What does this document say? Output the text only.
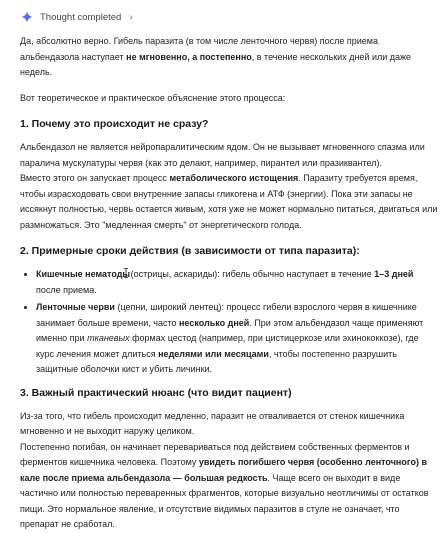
Thought completed ›

Да, абсолютно верно. Гибель паразита (в том числе ленточного червя) после приема альбендазола наступает не мгновенно, а постепенно, в течение нескольких дней или даже недель.

Вот теоретическое и практическое объяснение этого процесса:

1. Почему это происходит не сразу?

Альбендазол не является нейропаралитическим ядом. Он не вызывает мгновенного спазма или паралича мускулатуры червя (как это делают, например, пирантел или празиквантел).

Вместо этого он запускает процесс метаболического истощения. Паразиту требуется время, чтобы израсходовать свои внутренние запасы гликогена и АТФ (энергии). Пока эти запасы не иссякнут полностью, червь остается живым, хотя уже не может нормально питаться, двигаться или размножаться. Это "медленная смерть" от энергетического голода.

2. Примерные сроки действия (в зависимости от типа паразита):
• Кишечные нематоды (острицы, аскариды): гибель обычно наступает в течение 1–3 дней после приема.
• Ленточные черви (цепни, широкий лентец): процесс гибели взрослого червя в кишечнике занимает больше времени, часто несколько дней. При этом альбендазол чаще применяют именно при тканевых формах цестод (например, при цистицеркозе или эхинококкозе), где курс лечения может длиться неделями или месяцами, чтобы постепенно разрушить защитные оболочки кист и убить личинки.
3. Важный практический нюанс (что видит пациент)

Из-за того, что гибель происходит медленно, паразит не отваливается от стенок кишечника мгновенно и не выходит наружу целиком.

Постепенно погибая, он начинает перевариваться под действием собственных ферментов и ферментов кишечника человека. Поэтому увидеть погибшего червя (особенно ленточного) в кале после приема альбендазола — большая редкость. Чаще всего он выходит в виде частично или полностью переваренных фрагментов, которые визуально неотличимы от остатков пищи. Это нормальное явление, и отсутствие видимых паразитов в стуле не означает, что препарат не сработал.
